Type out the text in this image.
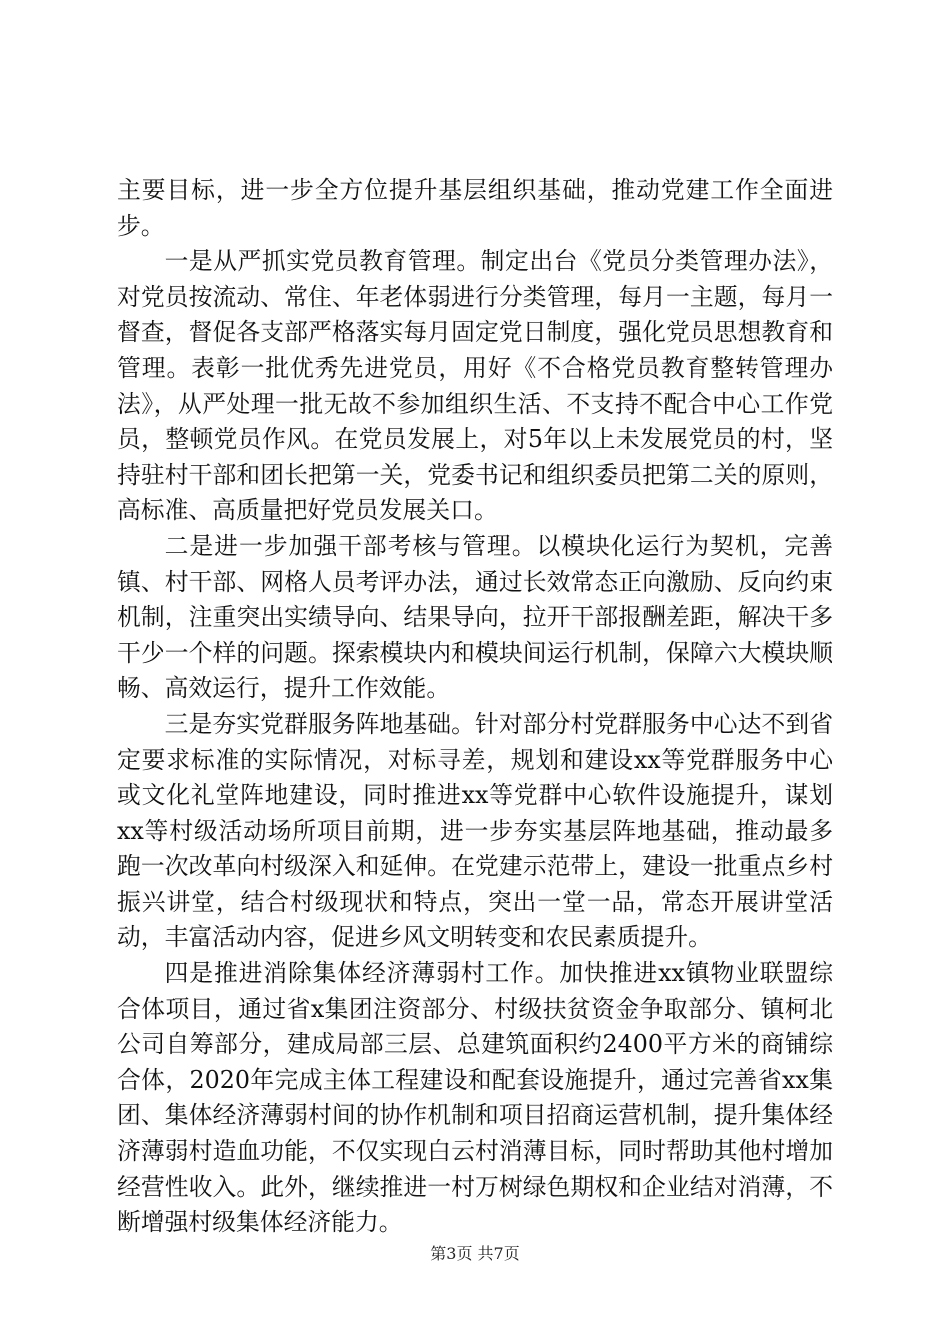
主要目标，进一步全方位提升基层组织基础，推动党建工作全面进步。

一是从严抓实党员教育管理。制定出台《党员分类管理办法》，对党员按流动、常住、年老体弱进行分类管理，每月一主题，每月一督查，督促各支部严格落实每月固定党日制度，强化党员思想教育和管理。表彰一批优秀先进党员，用好《不合格党员教育整转管理办法》，从严处理一批无故不参加组织生活、不支持不配合中心工作党员，整顿党员作风。在党员发展上，对5年以上未发展党员的村，坚持驻村干部和团长把第一关，党委书记和组织委员把第二关的原则，高标准、高质量把好党员发展关口。

二是进一步加强干部考核与管理。以模块化运行为契机，完善镇、村干部、网格人员考评办法，通过长效常态正向激励、反向约束机制，注重突出实绩导向、结果导向，拉开干部报酬差距，解决干多干少一个样的问题。探索模块内和模块间运行机制，保障六大模块顺畅、高效运行，提升工作效能。

三是夯实党群服务阵地基础。针对部分村党群服务中心达不到省定要求标准的实际情况，对标寻差，规划和建设xx等党群服务中心或文化礼堂阵地建设，同时推进xx等党群中心软件设施提升，谋划xx等村级活动场所项目前期，进一步夯实基层阵地基础，推动最多跑一次改革向村级深入和延伸。在党建示范带上，建设一批重点乡村振兴讲堂，结合村级现状和特点，突出一堂一品，常态开展讲堂活动，丰富活动内容，促进乡风文明转变和农民素质提升。

四是推进消除集体经济薄弱村工作。加快推进xx镇物业联盟综合体项目，通过省x集团注资部分、村级扶贫资金争取部分、镇柯北公司自筹部分，建成局部三层、总建筑面积约2400平方米的商铺综合体，2020年完成主体工程建设和配套设施提升，通过完善省xx集团、集体经济薄弱村间的协作机制和项目招商运营机制，提升集体经济薄弱村造血功能，不仅实现白云村消薄目标，同时帮助其他村增加经营性收入。此外，继续推进一村万树绿色期权和企业结对消薄，不断增强村级集体经济能力。

第3页 共7页
